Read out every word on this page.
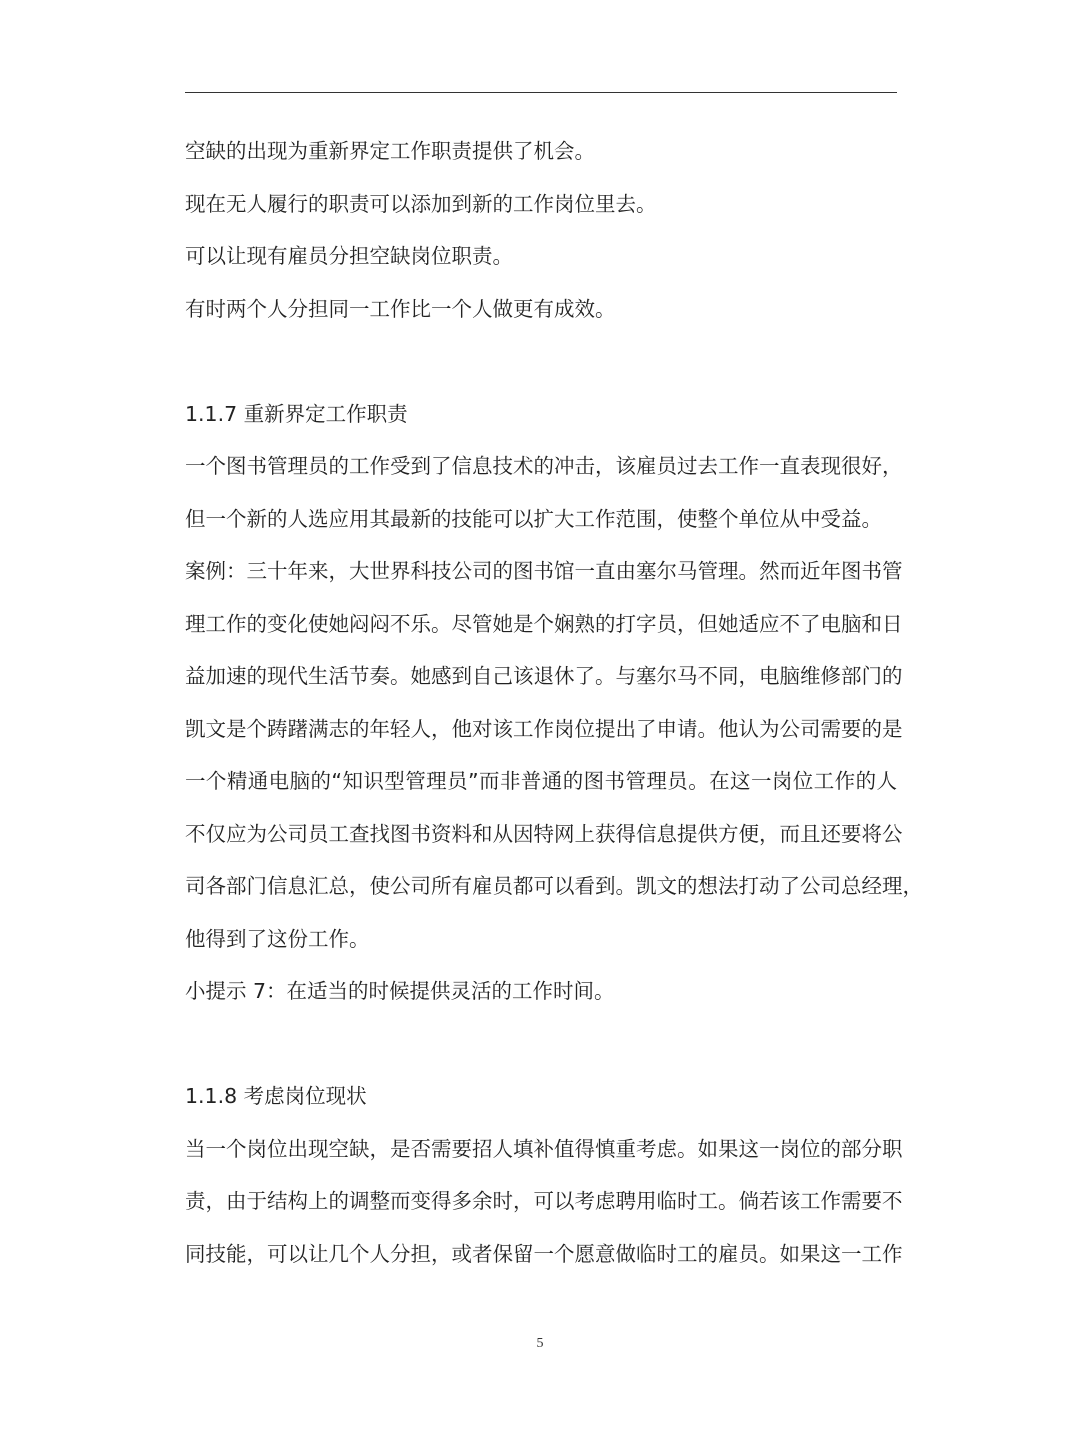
空缺的出现为重新界定工作职责提供了机会。
现在无人履行的职责可以添加到新的工作岗位里去。
可以让现有雇员分担空缺岗位职责。
有时两个人分担同一工作比一个人做更有成效。
1.1.7 重新界定工作职责
一个图书管理员的工作受到了信息技术的冲击，该雇员过去工作一直表现很好，
但一个新的人选应用其最新的技能可以扩大工作范围，使整个单位从中受益。
案例：三十年来，大世界科技公司的图书馆一直由塞尔马管理。然而近年图书管
理工作的变化使她闷闷不乐。尽管她是个娴熟的打字员，但她适应不了电脑和日
益加速的现代生活节奏。她感到自己该退休了。与塞尔马不同，电脑维修部门的
凯文是个踌躇满志的年轻人，他对该工作岗位提出了申请。他认为公司需要的是
一个精通电脑的“知识型管理员”而非普通的图书管理员。在这一岗位工作的人
不仅应为公司员工查找图书资料和从因特网上获得信息提供方便，而且还要将公
司各部门信息汇总，使公司所有雇员都可以看到。凯文的想法打动了公司总经理，
他得到了这份工作。
小提示 7：在适当的时候提供灵活的工作时间。
1.1.8 考虑岗位现状
当一个岗位出现空缺，是否需要招人填补值得慎重考虑。如果这一岗位的部分职
责，由于结构上的调整而变得多余时，可以考虑聘用临时工。倘若该工作需要不
同技能，可以让几个人分担，或者保留一个愿意做临时工的雇员。如果这一工作
5
